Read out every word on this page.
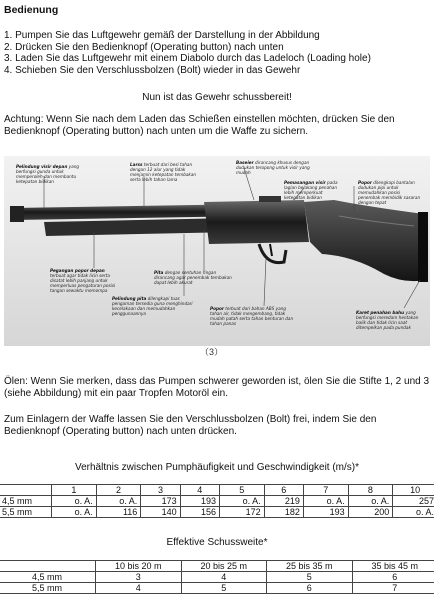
Bedienung
1. Pumpen Sie das Luftgewehr gemäß der Darstellung in der Abbildung
2. Drücken Sie den Bedienknopf (Operating button) nach unten
3. Laden Sie das Luftgewehr mit einem Diabolo durch das Ladeloch (Loading hole)
4. Schieben Sie den Verschlussbolzen (Bolt) wieder in das Gewehr
Nun ist das Gewehr schussbereit!
Achtung: Wenn Sie nach dem Laden das Schießen einstellen möchten, drücken Sie den Bedienknopf (Operating button) nach unten um die Waffe zu sichern.
Pelindung visir depan yang berfungsi gunda untuk memperoleh dan membantu ketepatan bidikan
Larss terbuat dari besi tahan dengan 12 alur yang tidak menjamin ketepatan tembakan serta lebih tahan lama
Baseier dirancang khusus dengan dudukan teropong untuk visir yang mudah
Pemasangan visir pada lagian belakang penahan lebih memperkuat ketepatan bidikan
Popor dilengkapi bantalan dudukan pipi untuk memudahkan posisi penembak membidik sasaran dengan tepat
Pegangan popor depan terbuat agar tidak licin serta disatat lebih panjang untuk memperluas pengaturan posisi tangan sewaktu memompa
Pita dengan sentuhan ringan dirancang agar penembak tembakan dapat lebih akurat
Pelindung pita dilengkapi tuas pengaman tersedia guna menghindari kecelakaan dan memudahkan penggunaannya
Popor terbuat dari bahan ABS yang tahan air, tidak mengembang, tidak mudah patah serta tahan benturan dan tahan panas
Karet penahan bahu yang berfungsi meredam hentakan balik dan tidak licin saat ditempelkan pada pundak
（3）
Ölen: Wenn Sie merken, dass das Pumpen schwerer geworden ist, ölen Sie die Stifte 1, 2 und 3 (siehe Abbildung) mit ein paar Tropfen Motoröl ein.
Zum Einlagern der Waffe lassen Sie den Verschlussbolzen (Bolt) frei, indem Sie den Bedienknopf (Operating button) nach unten drücken.
Verhältnis zwischen Pumphäufigkeit und Geschwindigkeit (m/s)*
	1	2	3	4	5	6	7	8	10
4,5 mm	o. A.	o. A.	173	193	o. A.	219	o. A.	o. A.	257
5,5 mm	o. A.	116	140	156	172	182	193	200	o. A.
Effektive Schussweite*
	10 bis 20 m	20 bis 25 m	25 bis 35 m	35 bis 45 m
4,5 mm	3	4	5	6
5,5 mm	4	5	6	7
